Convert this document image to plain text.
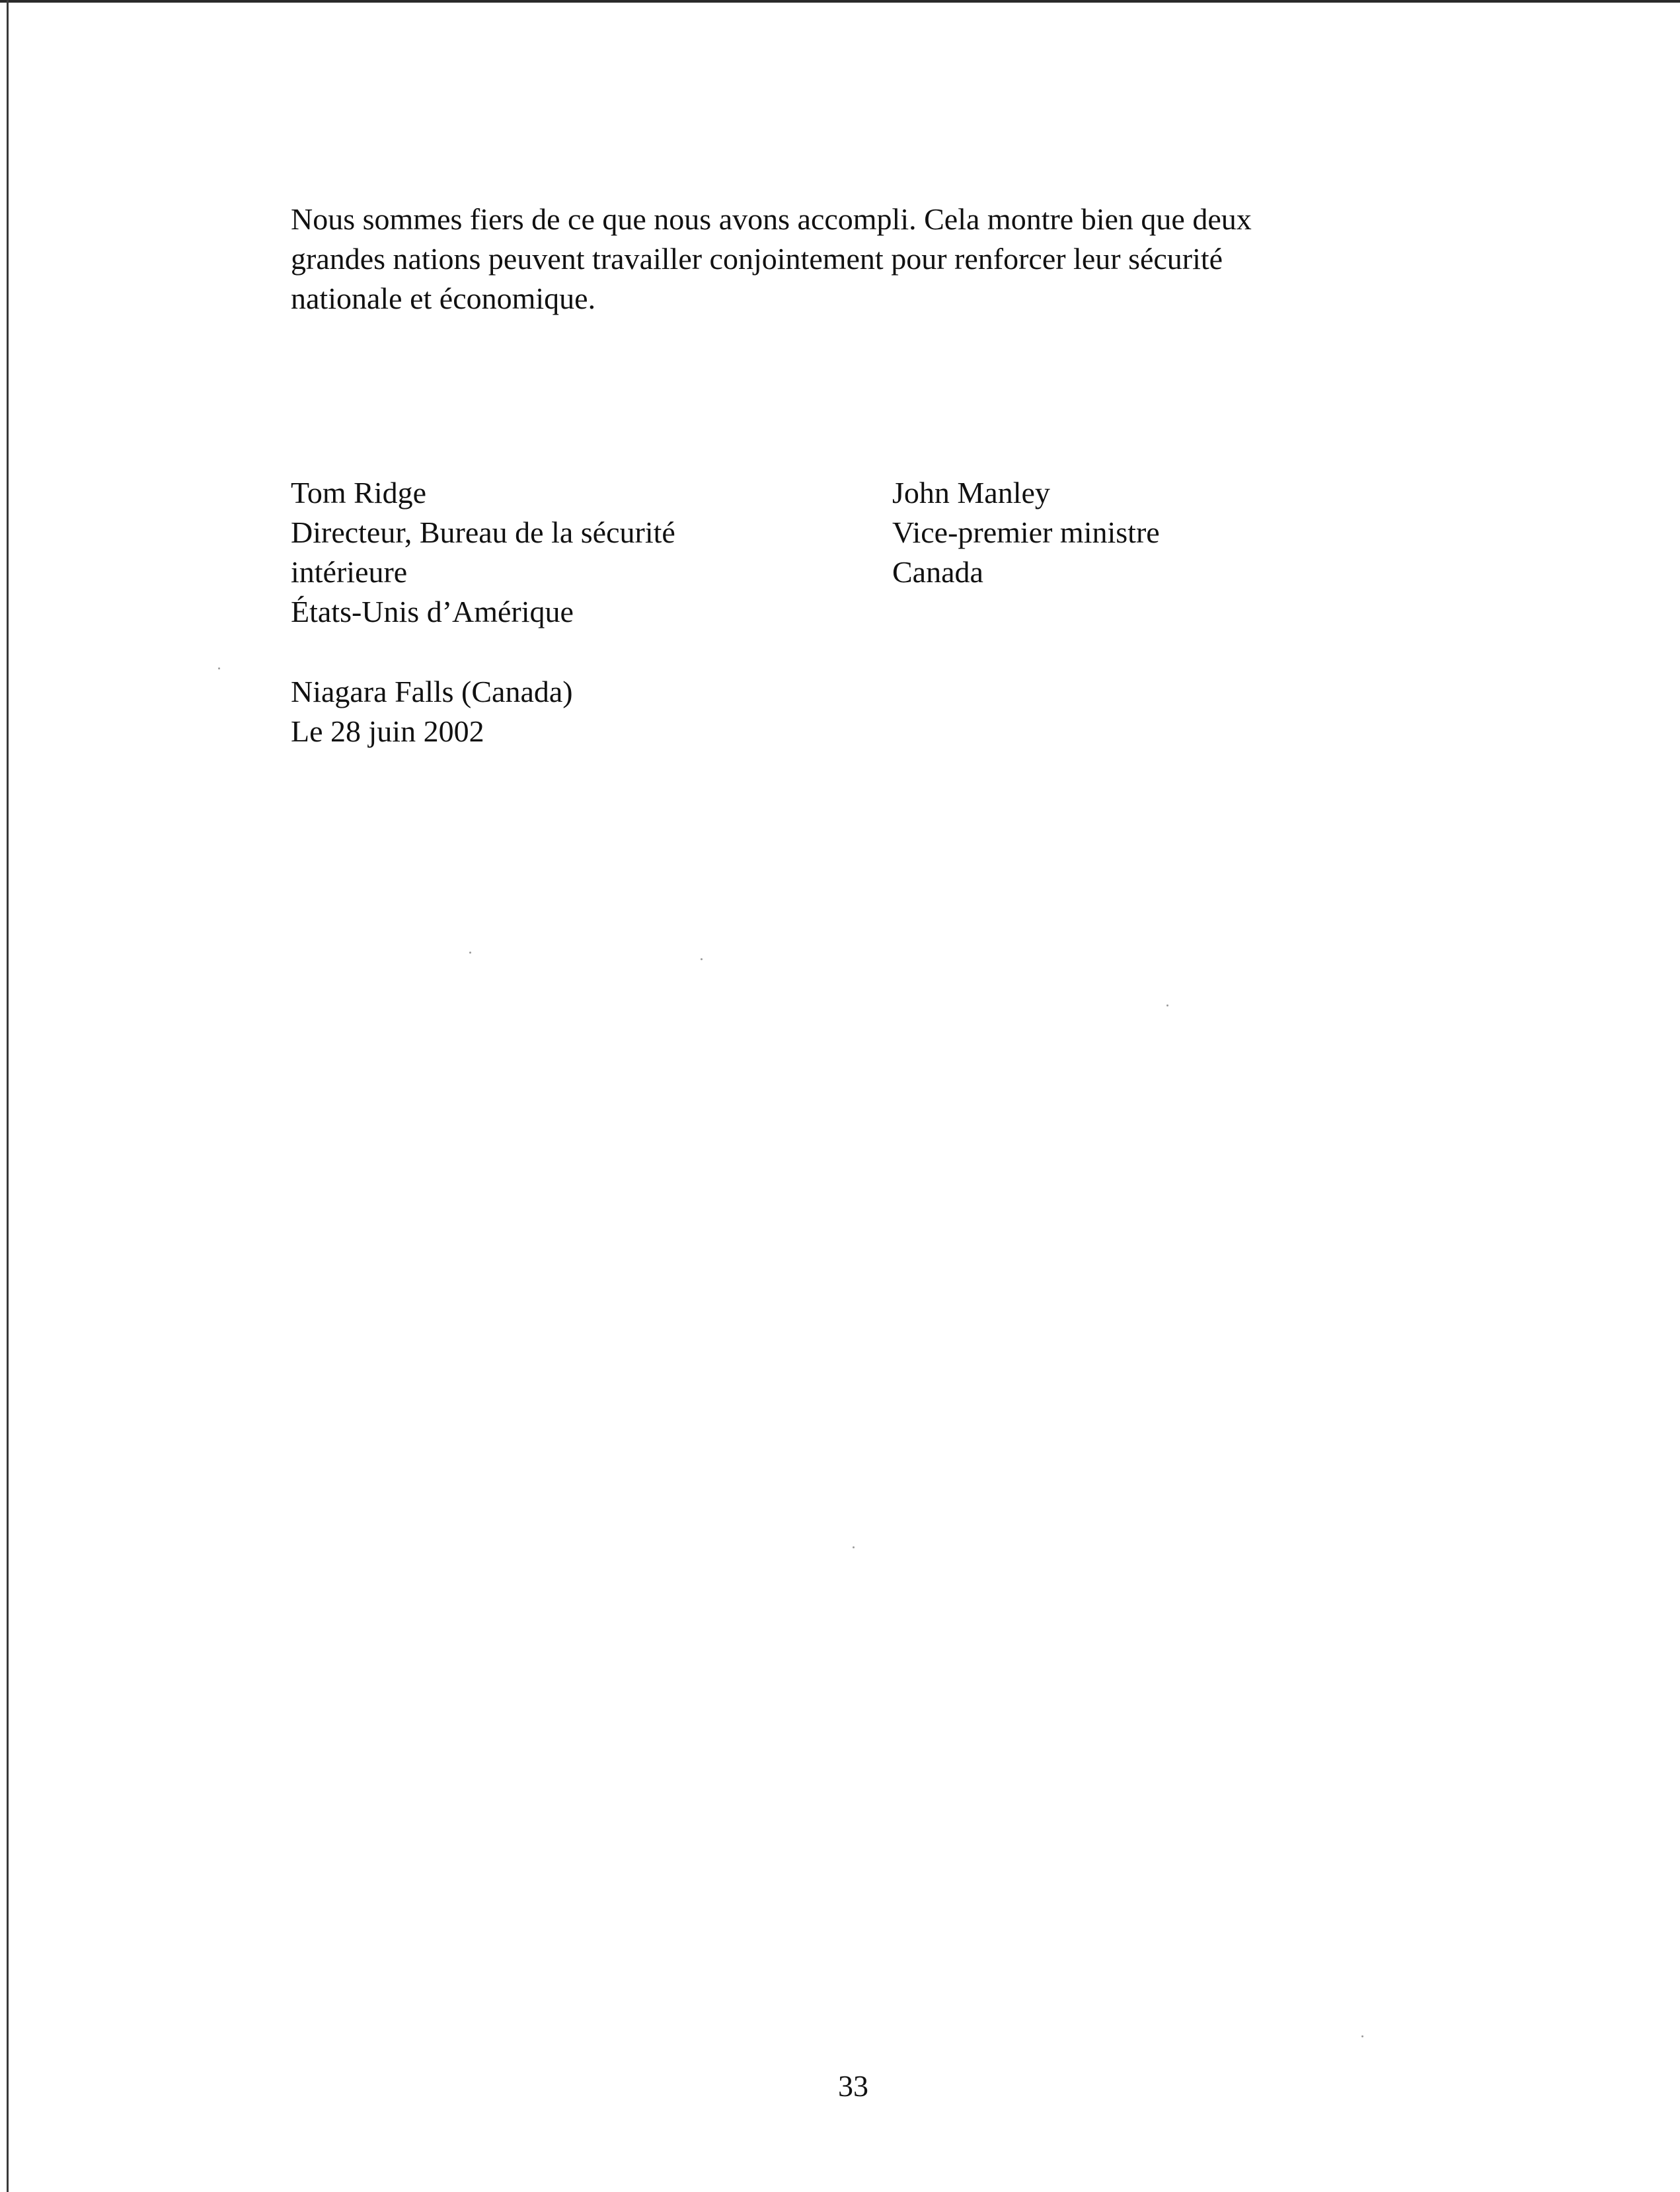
Nous sommes fiers de ce que nous avons accompli. Cela montre bien que deux
grandes nations peuvent travailler conjointement pour renforcer leur sécurité
nationale et économique.
Tom Ridge
Directeur, Bureau de la sécurité
intérieure
États-Unis d’Amérique
John Manley
Vice-premier ministre
Canada
Niagara Falls (Canada)
Le 28 juin 2002
33
